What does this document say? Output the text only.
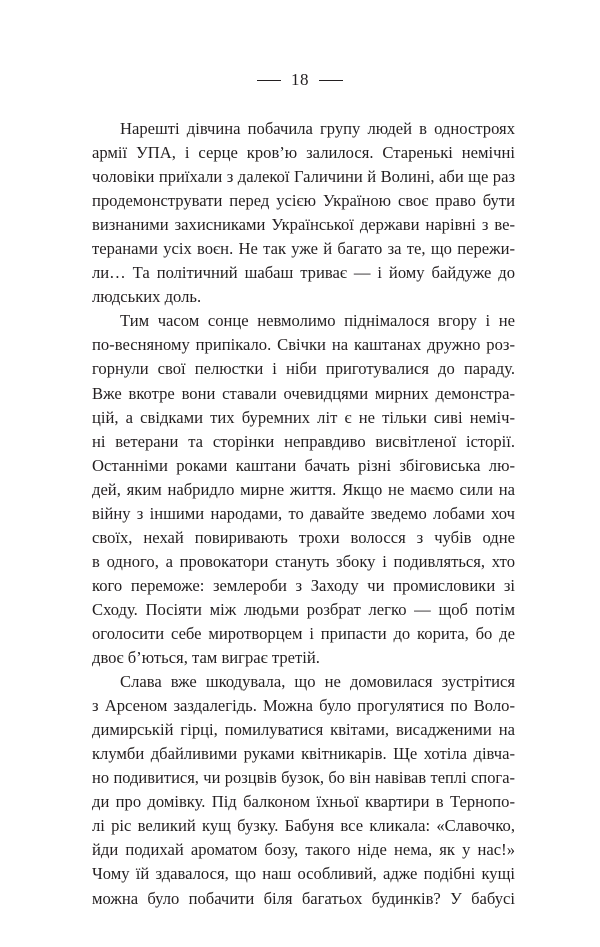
18
Нарешті дівчина побачила групу людей в одностроях
армії УПА, і серце кров’ю залилося. Старенькі немічні
чоловіки приїхали з далекої Галичини й Волині, аби ще раз
продемонструвати перед усією Україною своє право бути
визнаними захисниками Української держави нарівні з ве-
теранами усіх воєн. Не так уже й багато за те, що пережи-
ли… Та політичний шабаш триває — і йому байдуже до
людських доль.
Тим часом сонце невмолимо піднімалося вгору і не
по-весняному припікало. Свічки на каштанах дружно роз-
горнули свої пелюстки і ніби приготувалися до параду.
Вже вкотре вони ставали очевидцями мирних демонстра-
цій, а свідками тих буремних літ є не тільки сиві неміч-
ні ветерани та сторінки неправдиво висвітленої історії.
Останніми роками каштани бачать різні збіговиська лю-
дей, яким набридло мирне життя. Якщо не маємо сили на
війну з іншими народами, то давайте зведемо лобами хоч
своїх, нехай повиривають трохи волосся з чубів одне
в одного, а провокатори стануть збоку і подивляться, хто
кого переможе: землероби з Заходу чи промисловики зі
Сходу. Посіяти між людьми розбрат легко — щоб потім
оголосити себе миротворцем і припасти до корита, бо де
двоє б’ються, там виграє третій.
Слава вже шкодувала, що не домовилася зустрітися
з Арсеном заздалегідь. Можна було прогулятися по Воло-
димирській гірці, помилуватися квітами, висадженими на
клумби дбайливими руками квітникарів. Ще хотіла дівча-
но подивитися, чи розцвів бузок, бо він навівав теплі спога-
ди про домівку. Під балконом їхньої квартири в Тернопо-
лі ріс великий кущ бузку. Бабуня все кликала: «Славочко,
йди подихай ароматом бозу, такого ніде нема, як у нас!»
Чому їй здавалося, що наш особливий, адже подібні кущі
можна було побачити біля багатьох будинків? У бабусі
